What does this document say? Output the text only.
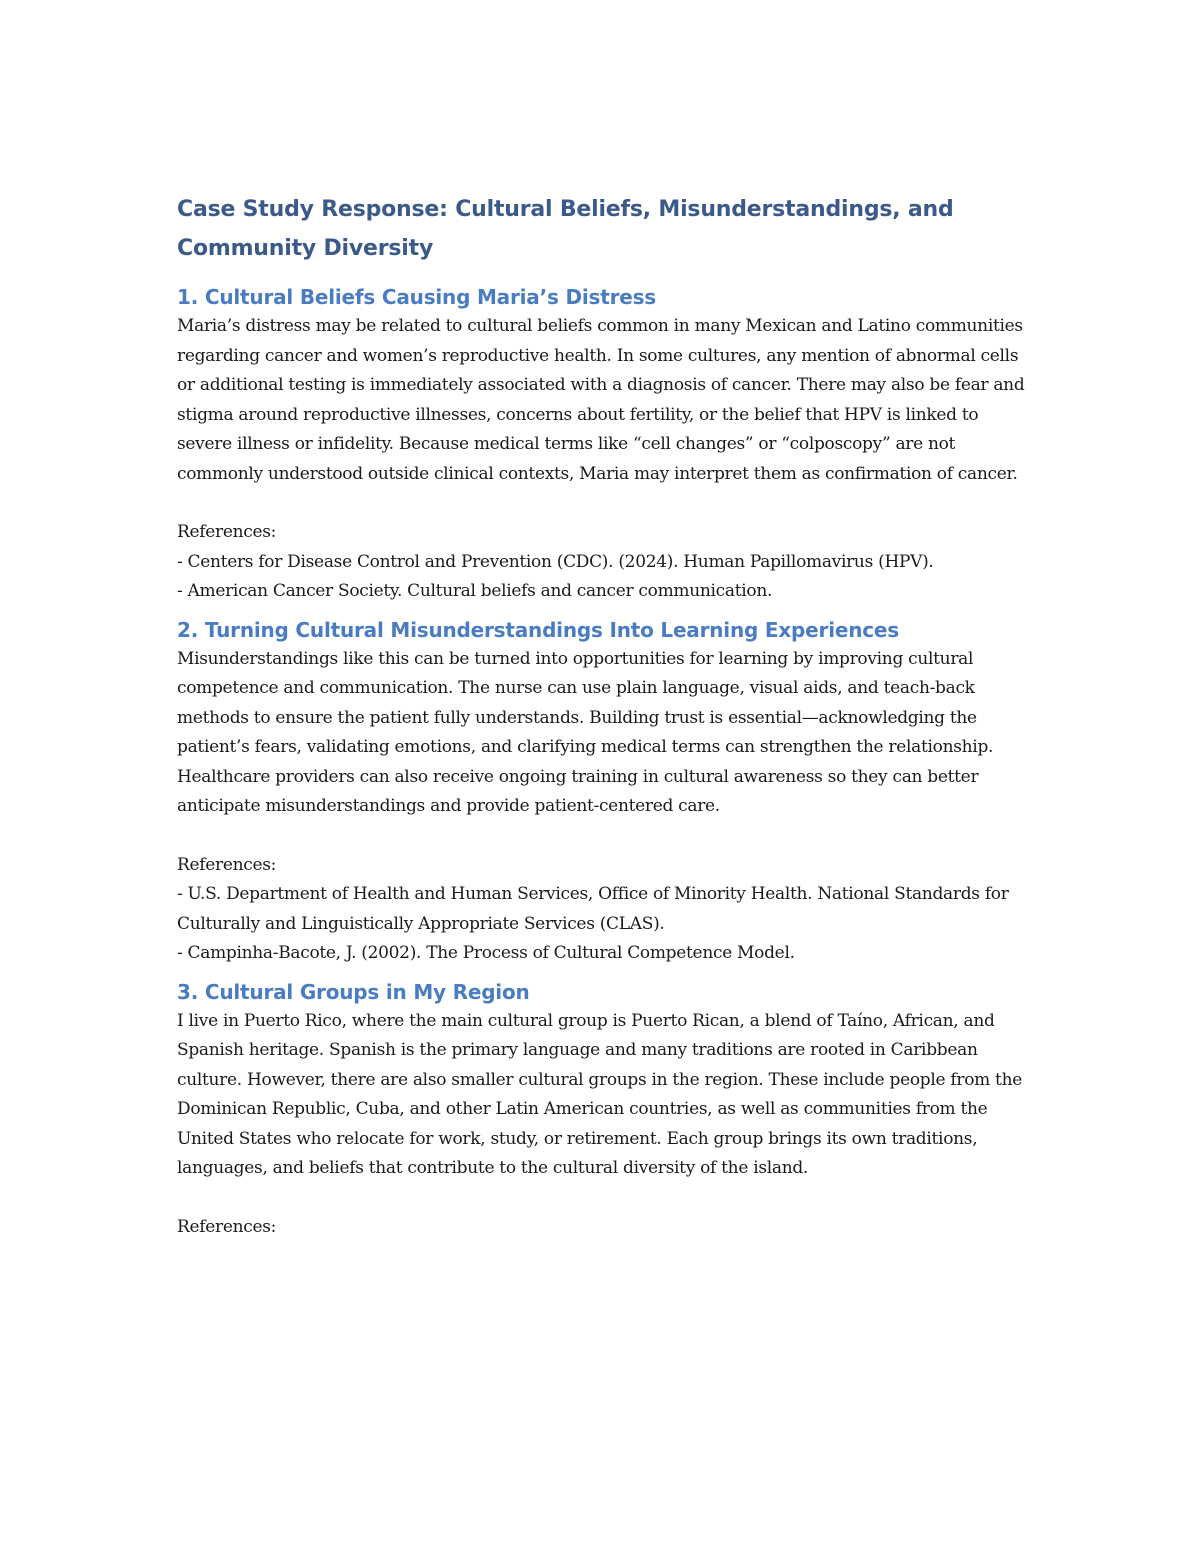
Case Study Response: Cultural Beliefs, Misunderstandings, and Community Diversity
1. Cultural Beliefs Causing Maria’s Distress

Maria’s distress may be related to cultural beliefs common in many Mexican and Latino communities regarding cancer and women’s reproductive health. In some cultures, any mention of abnormal cells or additional testing is immediately associated with a diagnosis of cancer. There may also be fear and stigma around reproductive illnesses, concerns about fertility, or the belief that HPV is linked to severe illness or infidelity. Because medical terms like “cell changes” or “colposcopy” are not commonly understood outside clinical contexts, Maria may interpret them as confirmation of cancer.

References:

- Centers for Disease Control and Prevention (CDC). (2024). Human Papillomavirus (HPV).

- American Cancer Society. Cultural beliefs and cancer communication.

2. Turning Cultural Misunderstandings Into Learning Experiences

Misunderstandings like this can be turned into opportunities for learning by improving cultural competence and communication. The nurse can use plain language, visual aids, and teach-back methods to ensure the patient fully understands. Building trust is essential—acknowledging the patient’s fears, validating emotions, and clarifying medical terms can strengthen the relationship. Healthcare providers can also receive ongoing training in cultural awareness so they can better anticipate misunderstandings and provide patient-centered care.

References:

- U.S. Department of Health and Human Services, Office of Minority Health. National Standards for Culturally and Linguistically Appropriate Services (CLAS).

- Campinha-Bacote, J. (2002). The Process of Cultural Competence Model.

3. Cultural Groups in My Region

I live in Puerto Rico, where the main cultural group is Puerto Rican, a blend of Taíno, African, and Spanish heritage. Spanish is the primary language and many traditions are rooted in Caribbean culture. However, there are also smaller cultural groups in the region. These include people from the Dominican Republic, Cuba, and other Latin American countries, as well as communities from the United States who relocate for work, study, or retirement. Each group brings its own traditions, languages, and beliefs that contribute to the cultural diversity of the island.

References:
